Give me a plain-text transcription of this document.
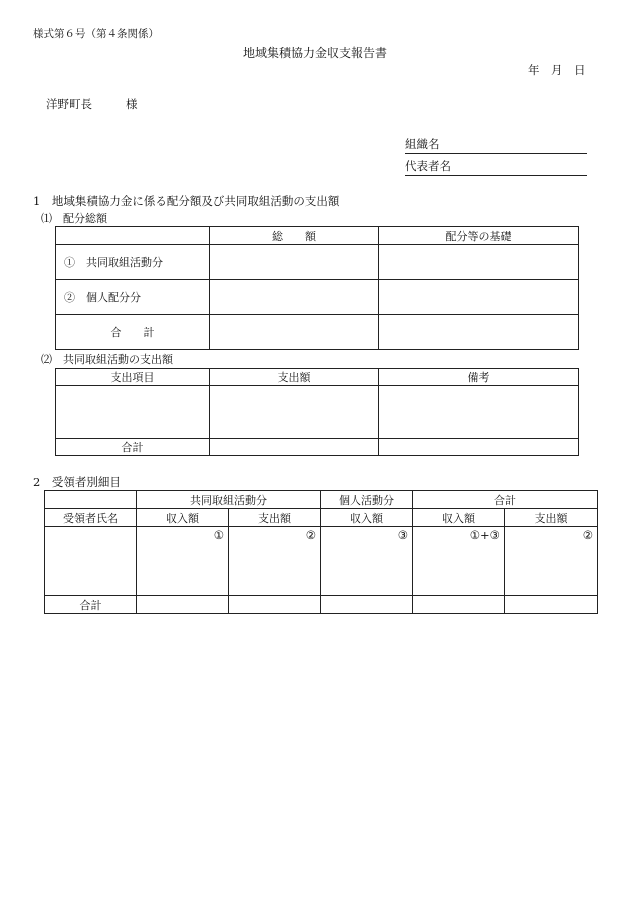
様式第６号（第４条関係）
地域集積協力金収支報告書
年　月　日
洋野町長	様
組織名
代表者名
1　地域集積協力金に係る配分額及び共同取組活動の支出額
⑴　配分総額
	総　　額	配分等の基礎
①　共同取組活動分		
②　個人配分分		
合　　計		
⑵　共同取組活動の支出額
支出項目	支出額	備考

合計		
2　受領者別細目
	共同取組活動分		個人活動分	合計	
受領者氏名	収入額	支出額	収入額	収入額	支出額
	①	②	③	①+③	②
合計					
